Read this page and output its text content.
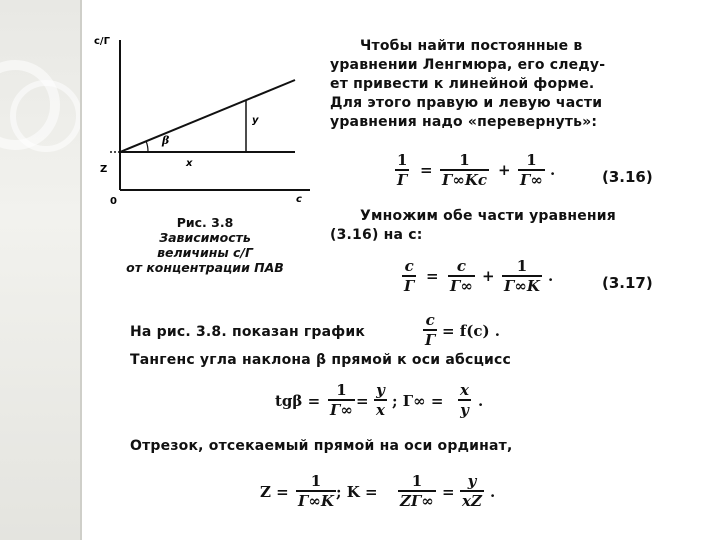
c/Г
c
0
Z
x
y
β
Рис. 3.8
Зависимость
величины c/Г
от концентрации ПАВ
Чтобы найти постоянные в
уравнении Ленгмюра, его следу-
ет привести к линейной форме.
Для этого правую и левую части
уравнения надо «перевернуть»:
1
Г
=
1
Г∞Kc
+
1
Г∞
.	(3.16)
Умножим обе части уравнения
(3.16) на c:
c
Г
=
c
Г∞
+
1
Г∞K
.	(3.17)
На рис. 3.8. показан график
c
Г = f(c) .
Тангенс угла наклона β прямой к оси абсцисс
tgβ =
1
Г∞ =
y
x ; Г∞ =
x
y .
Отрезок, отсекаемый прямой на оси ординат,
Z =
1
Г∞K ; K =
1
ZГ∞ =
y
xZ .
